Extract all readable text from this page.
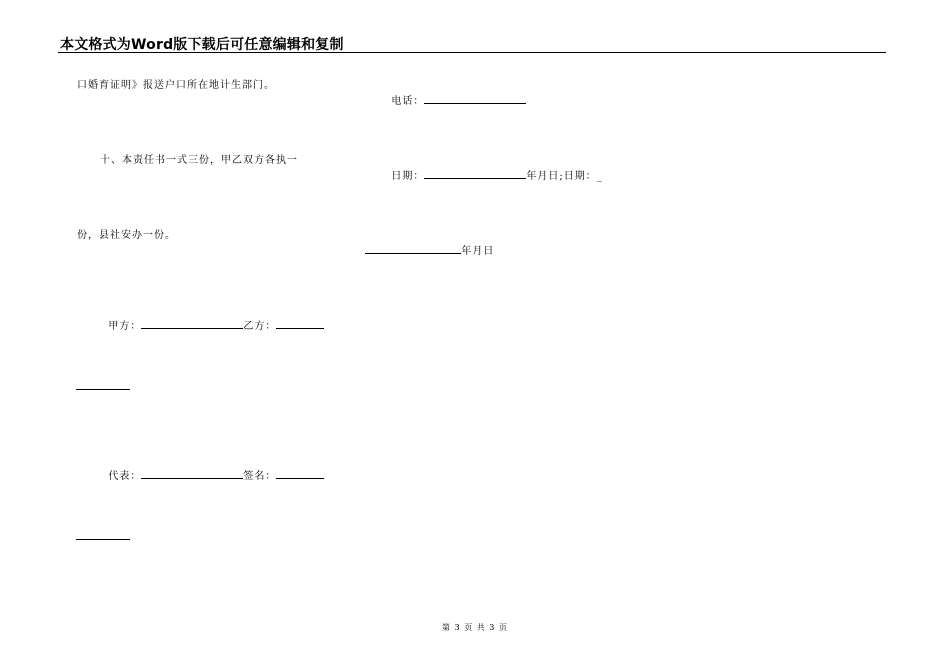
本文格式为Word版下载后可任意编辑和复制
口婚育证明》报送户口所在地计生部门。

电话：

十、本责任书一式三份，甲乙双方各执一

日期：	年月日;日期：_

份，县社安办一份。

年月日

甲方：	乙方：

代表：	签名：

第 3 页 共 3 页
